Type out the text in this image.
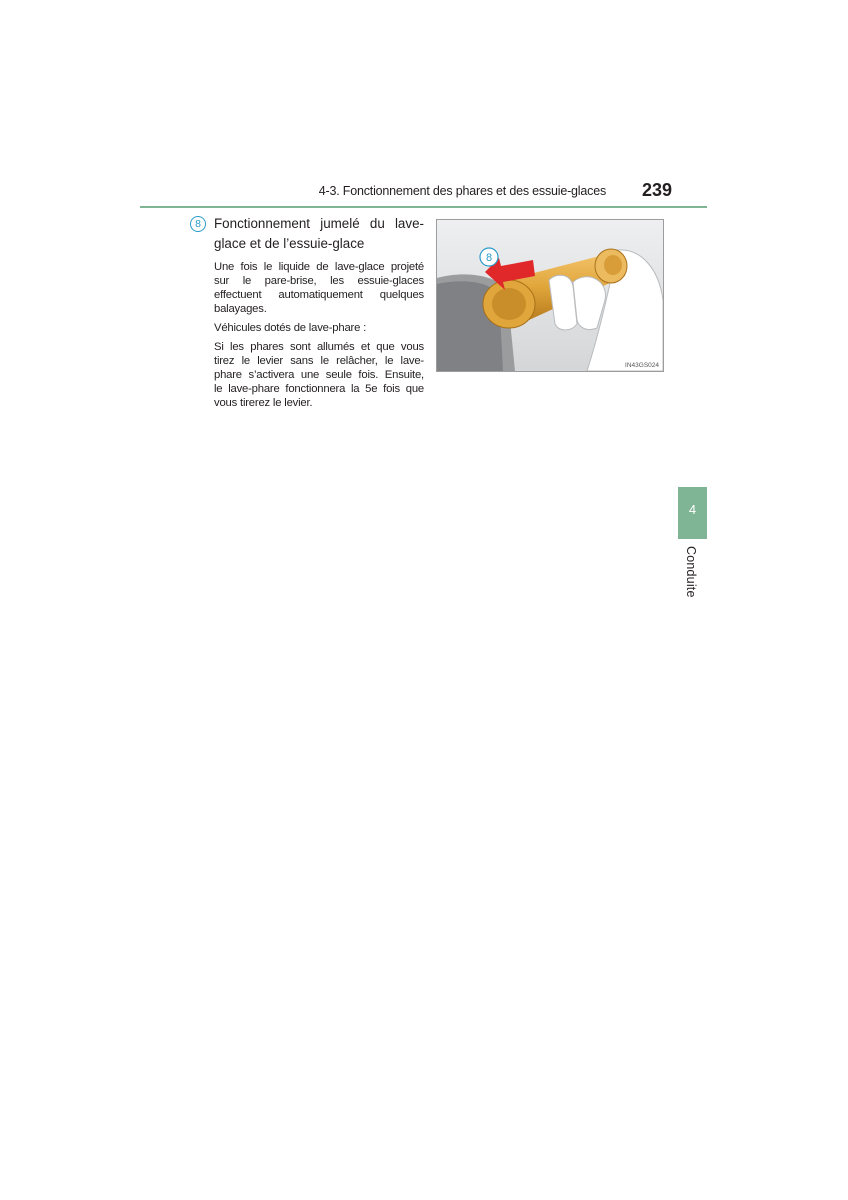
4-3. Fonctionnement des phares et des essuie-glaces	239
8 Fonctionnement jumelé du lave-
glace et de l’essuie-glace
Une fois le liquide de lave-glace projeté
sur le pare-brise, les essuie-glaces
effectuent automatiquement quelques
balayages.
Véhicules dotés de lave-phare :
Si les phares sont allumés et que vous
tirez le levier sans le relâcher, le lave-
phare s’activera une seule fois. Ensuite,
le lave-phare fonctionnera la 5e fois que
vous tirerez le levier.
8
IN43GS024
4
Conduite
